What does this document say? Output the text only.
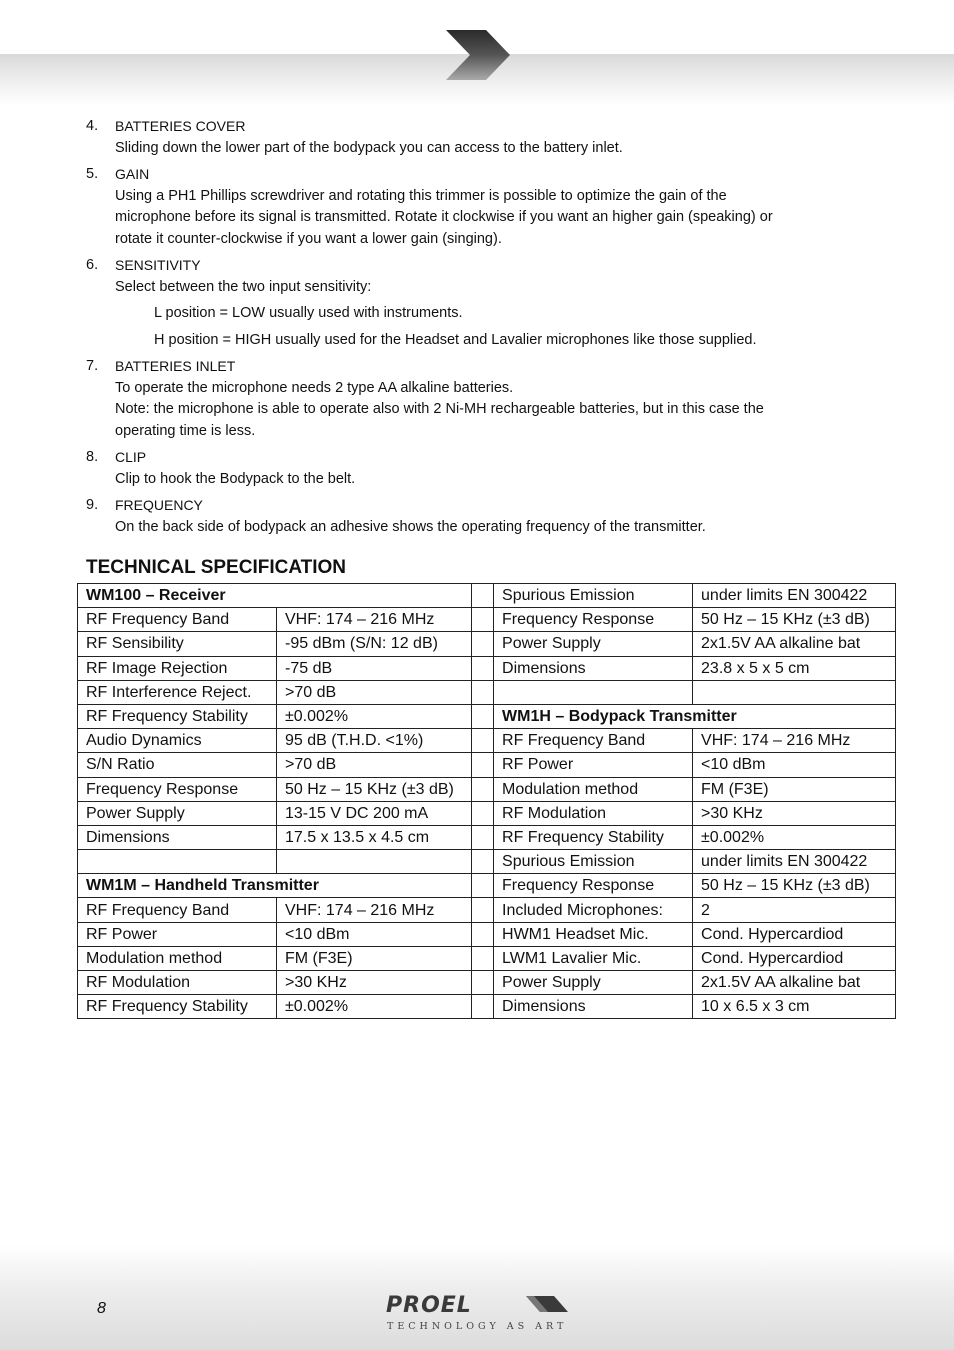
4. BATTERIES COVER
Sliding down the lower part of the bodypack you can access to the battery inlet.
5. GAIN
Using a PH1 Phillips screwdriver and rotating this trimmer is possible to optimize the gain of the
microphone before its signal is transmitted. Rotate it clockwise if you want an higher gain (speaking) or
rotate it counter-clockwise if you want a lower gain (singing).
6. SENSITIVITY
Select between the two input sensitivity:
L position = LOW usually used with instruments.
H position = HIGH usually used for the Headset and Lavalier microphones like those supplied.
7. BATTERIES INLET
To operate the microphone needs 2 type AA alkaline batteries.
Note: the microphone is able to operate also with 2 Ni-MH rechargeable batteries, but in this case the
operating time is less.
8. CLIP
Clip to hook the Bodypack to the belt.
9. FREQUENCY
On the back side of bodypack an adhesive shows the operating frequency of the transmitter.
TECHNICAL SPECIFICATION
WM100 – Receiver			Spurious Emission	under limits EN 300422
RF Frequency Band	VHF: 174 – 216 MHz		Frequency Response	50 Hz – 15 KHz (±3 dB)
RF Sensibility	-95 dBm (S/N: 12 dB)		Power Supply	2x1.5V AA alkaline bat
RF Image Rejection	-75 dB		Dimensions	23.8 x 5 x 5 cm
RF Interference Reject.	>70 dB			
RF Frequency Stability	±0.002%		WM1H – Bodypack Transmitter	
Audio Dynamics	95 dB (T.H.D. <1%)		RF Frequency Band	VHF: 174 – 216 MHz
S/N Ratio	>70 dB		RF Power	<10 dBm
Frequency Response	50 Hz – 15 KHz (±3 dB)		Modulation method	FM (F3E)
Power Supply	13-15 V DC 200 mA		RF Modulation	>30 KHz
Dimensions	17.5 x 13.5 x 4.5 cm		RF Frequency Stability	±0.002%
			Spurious Emission	under limits EN 300422
WM1M – Handheld Transmitter			Frequency Response	50 Hz – 15 KHz (±3 dB)
RF Frequency Band	VHF: 174 – 216 MHz		Included Microphones:	2
RF Power	<10 dBm		HWM1 Headset Mic.	Cond. Hypercardiod
Modulation method	FM (F3E)		LWM1 Lavalier Mic.	Cond. Hypercardiod
RF Modulation	>30 KHz		Power Supply	2x1.5V AA alkaline bat
RF Frequency Stability	±0.002%		Dimensions	10 x 6.5 x 3 cm
8	PROEL
TECHNOLOGY AS ART
